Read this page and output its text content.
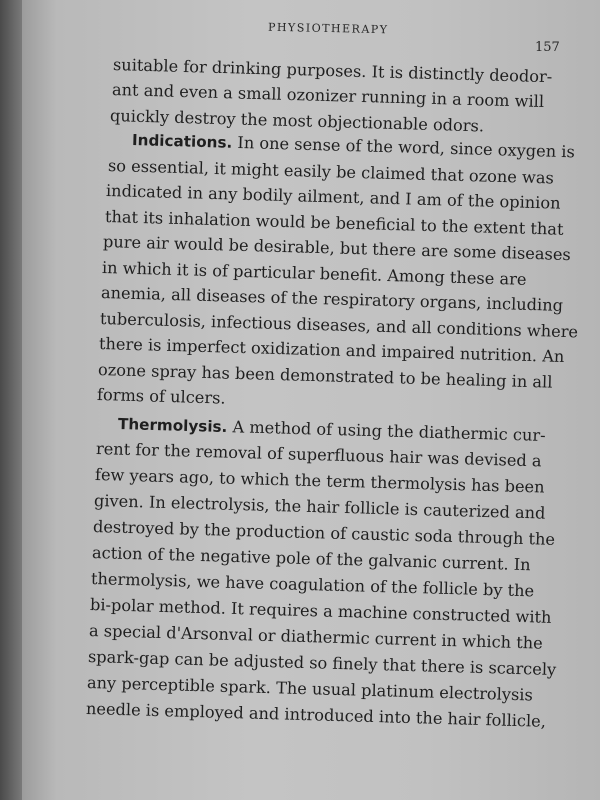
PHYSIOTHERAPY
157
suitable for drinking purposes. It is distinctly deodor-
ant and even a small ozonizer running in a room will
quickly destroy the most objectionable odors.
Indications. In one sense of the word, since oxygen is
so essential, it might easily be claimed that ozone was
indicated in any bodily ailment, and I am of the opinion
that its inhalation would be beneficial to the extent that
pure air would be desirable, but there are some diseases
in which it is of particular benefit. Among these are
anemia, all diseases of the respiratory organs, including
tuberculosis, infectious diseases, and all conditions where
there is imperfect oxidization and impaired nutrition. An
ozone spray has been demonstrated to be healing in all
forms of ulcers.
Thermolysis. A method of using the diathermic cur-
rent for the removal of superfluous hair was devised a
few years ago, to which the term thermolysis has been
given. In electrolysis, the hair follicle is cauterized and
destroyed by the production of caustic soda through the
action of the negative pole of the galvanic current. In
thermolysis, we have coagulation of the follicle by the
bi-polar method. It requires a machine constructed with
a special d'Arsonval or diathermic current in which the
spark-gap can be adjusted so finely that there is scarcely
any perceptible spark. The usual platinum electrolysis
needle is employed and introduced into the hair follicle,
